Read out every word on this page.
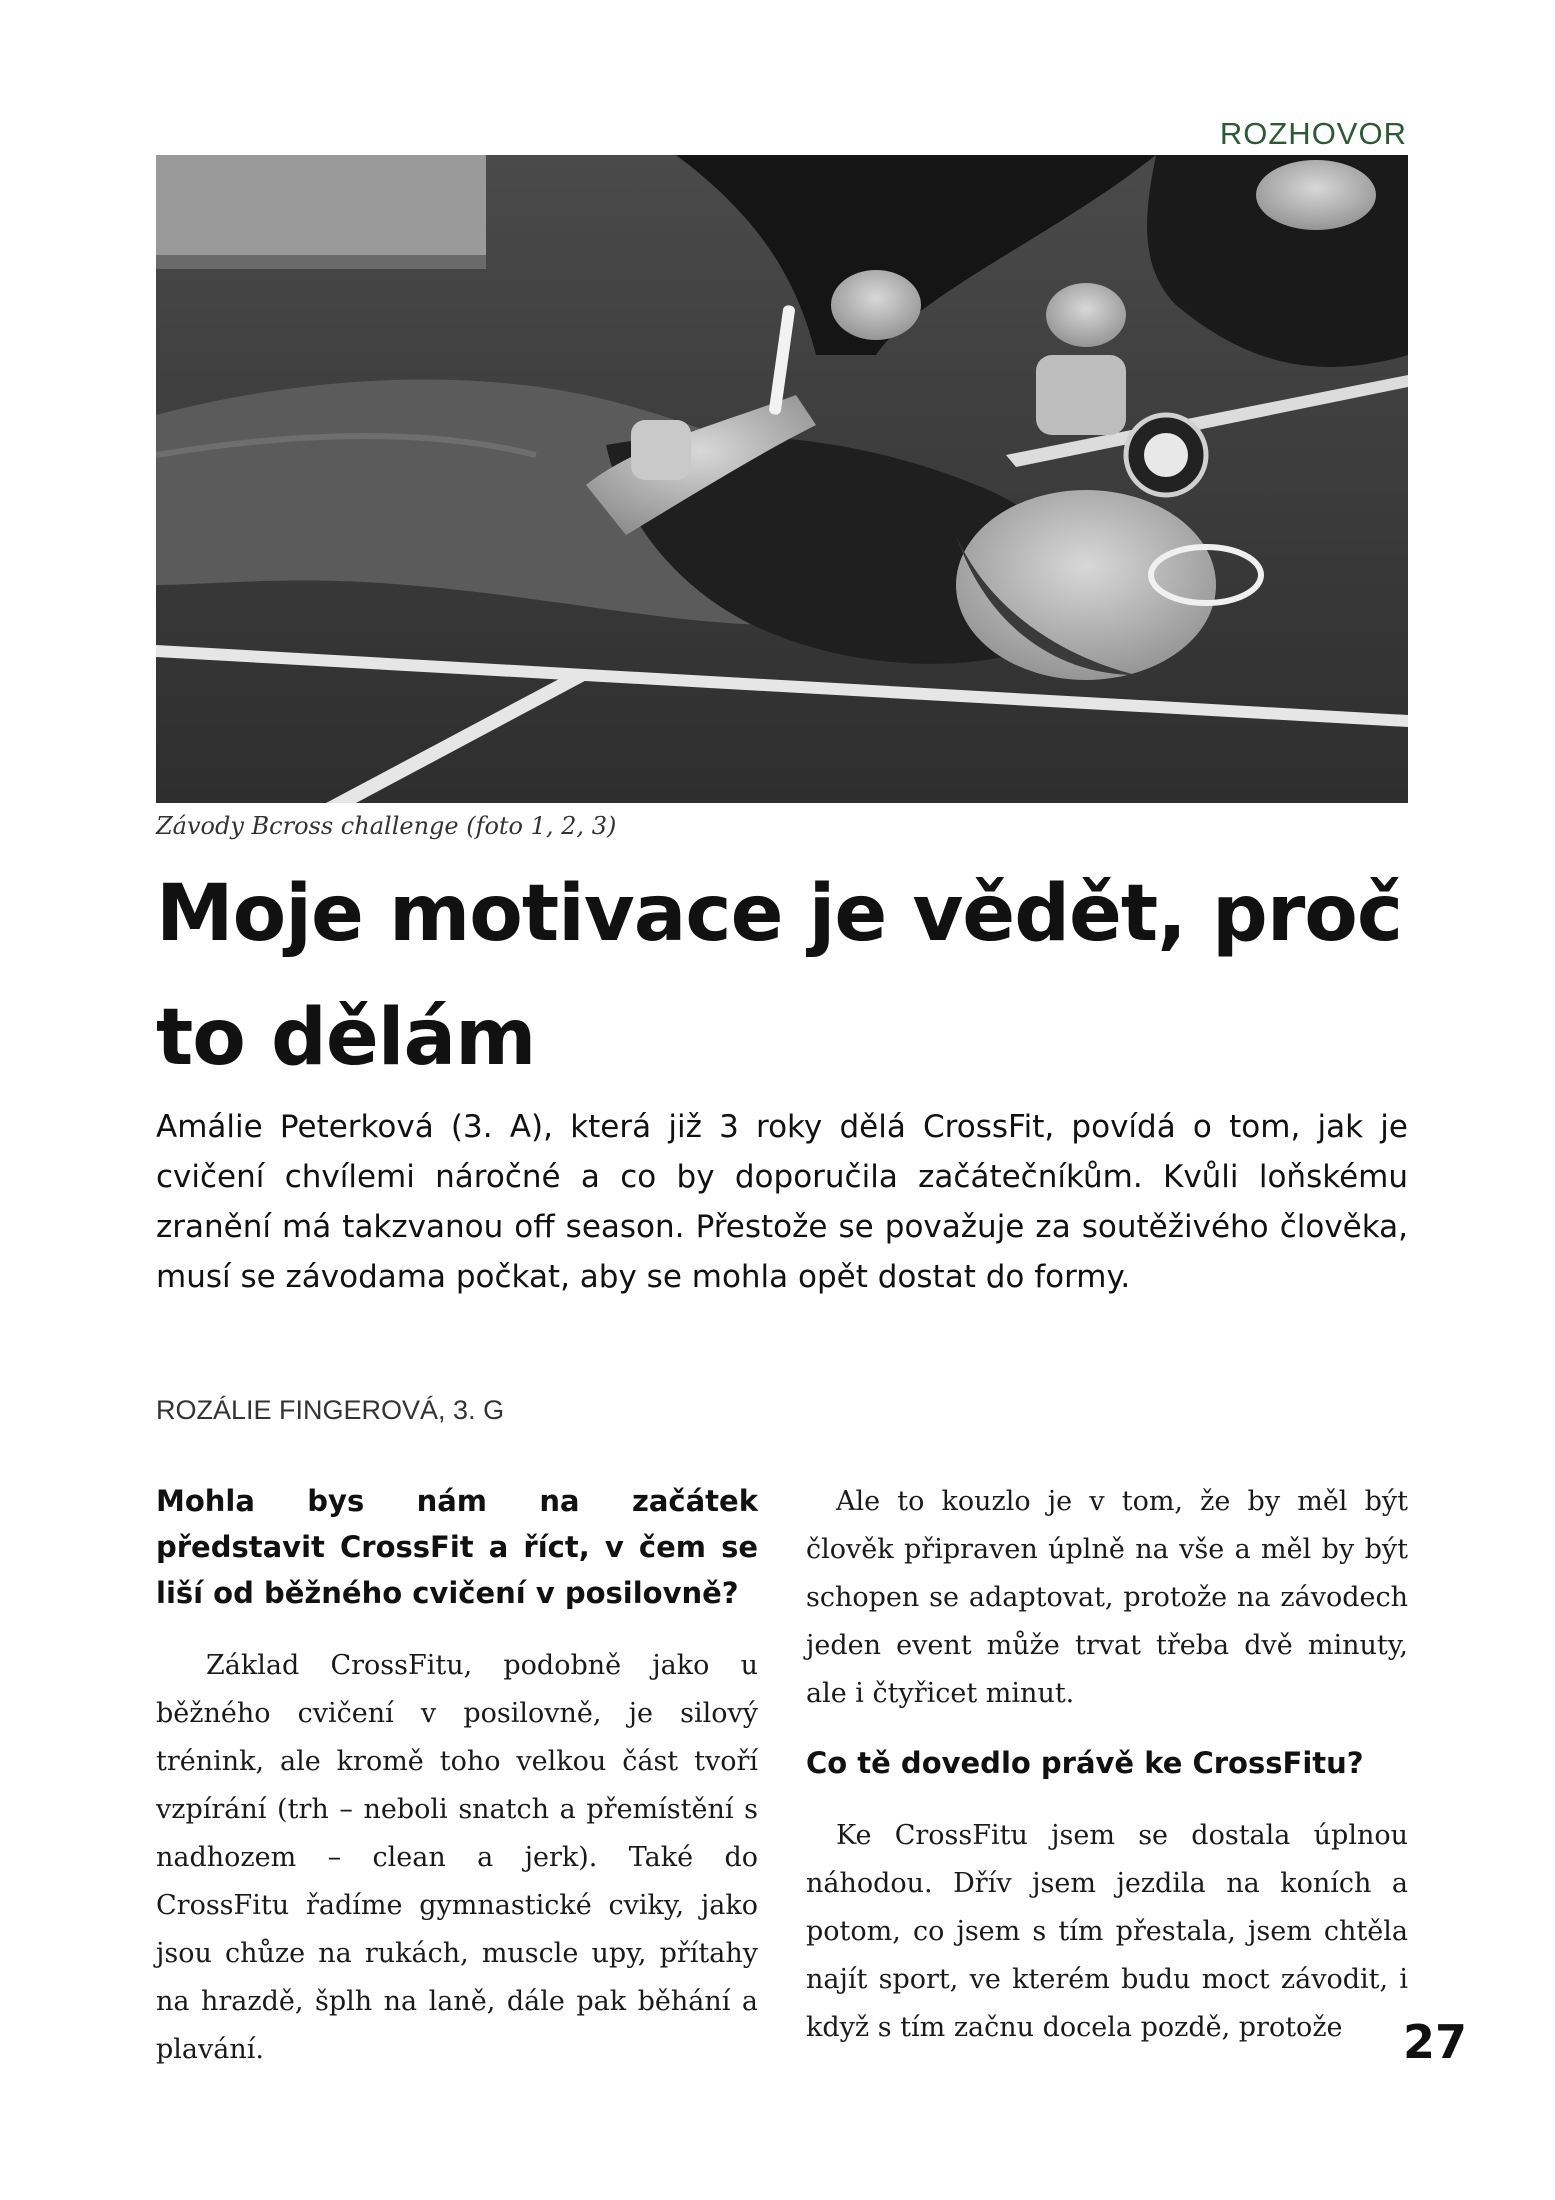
ROZHOVOR
Závody Bcross challenge (foto 1, 2, 3)
Moje motivace je vědět, proč to dělám

Amálie Peterková (3. A), která již 3 roky dělá CrossFit, povídá o tom, jak je cvičení chvílemi náročné a co by doporučila začátečníkům. Kvůli loňskému zranění má takzvanou off season. Přestože se považuje za soutěživého člověka, musí se závodama počkat, aby se mohla opět dostat do formy.

ROZÁLIE FINGEROVÁ, 3. G

Mohla bys nám na začátek představit CrossFit a říct, v čem se liší od běžného cvičení v posilovně?

Základ CrossFitu, podobně jako u běžného cvičení v posilovně, je silový trénink, ale kromě toho velkou část tvoří vzpírání (trh – neboli snatch a přemístění s nadhozem – clean a jerk). Také do CrossFitu řadíme gymnastické cviky, jako jsou chůze na rukách, muscle upy, přítahy na hrazdě, šplh na laně, dále pak běhání a plavání.

Ale to kouzlo je v tom, že by měl být člověk připraven úplně na vše a měl by být schopen se adaptovat, protože na závodech jeden event může trvat třeba dvě minuty, ale i čtyřicet minut.

Co tě dovedlo právě ke CrossFitu?

Ke CrossFitu jsem se dostala úplnou náhodou. Dřív jsem jezdila na koních a potom, co jsem s tím přestala, jsem chtěla najít sport, ve kterém budu moct závodit, i když s tím začnu docela pozdě, protože	27
